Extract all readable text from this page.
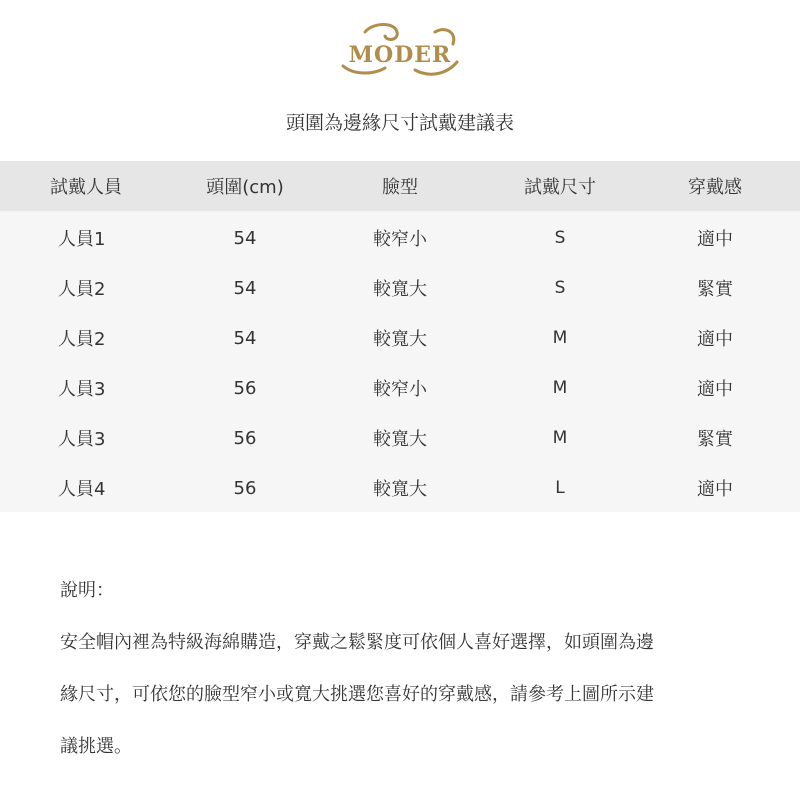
MODER
頭圍為邊緣尺寸試戴建議表
試戴人員	頭圍(cm)	臉型	試戴尺寸	穿戴感
人員1	54	較窄小	S	適中
人員2	54	較寬大	S	緊實
人員2	54	較寬大	M	適中
人員3	56	較窄小	M	適中
人員3	56	較寬大	M	緊實
人員4	56	較寬大	L	適中
說明：
安全帽內裡為特級海綿購造，穿戴之鬆緊度可依個人喜好選擇，如頭圍為邊
緣尺寸，可依您的臉型窄小或寬大挑選您喜好的穿戴感，請參考上圖所示建
議挑選。
